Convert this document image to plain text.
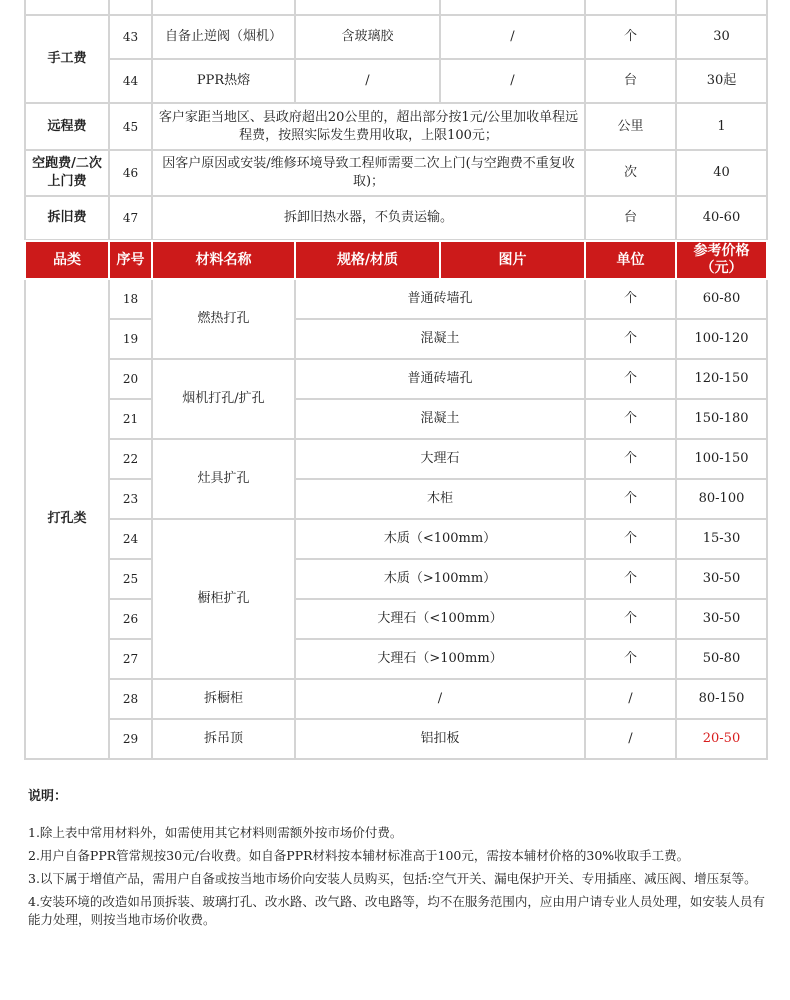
手工费	43	自备止逆阀（烟机）	含玻璃胶	/	个	30
	44	PPR热熔	/	/	台	30起
远程费	45	客户家距当地区、县政府超出20公里的，超出部分按1元/公里加收单程远程费，按照实际发生费用收取，上限100元；			公里	1
空跑费/二次上门费	46	因客户原因或安装/维修环境导致工程师需要二次上门(与空跑费不重复收取)；			次	40
拆旧费	47	拆卸旧热水器，不负责运输。			台	40-60
品类	序号	材料名称	规格/材质	图片	单位	参考价格（元）
打孔类	18	燃热打孔	普通砖墙孔		个	60-80
	19		混凝土		个	100-120
	20	烟机打孔/扩孔	普通砖墙孔		个	120-150
	21		混凝土		个	150-180
	22	灶具扩孔	大理石		个	100-150
	23		木柜		个	80-100
	24	橱柜扩孔	木质（<100mm）		个	15-30
	25		木质（>100mm）		个	30-50
	26		大理石（<100mm）		个	30-50
	27		大理石（>100mm）		个	50-80
	28	拆橱柜	/		/	80-150
	29	拆吊顶	铝扣板		/	20-50
说明：

1.除上表中常用材料外，如需使用其它材料则需额外按市场价付费。

2.用户自备PPR管常规按30元/台收费。如自备PPR材料按本辅材标准高于100元，需按本辅材价格的30%收取手工费。

3.以下属于增值产品，需用户自备或按当地市场价向安装人员购买，包括:空气开关、漏电保护开关、专用插座、减压阀、增压泵等。

4.安装环境的改造如吊顶拆装、玻璃打孔、改水路、改气路、改电路等，均不在服务范围内，应由用户请专业人员处理，如安装人员有能力处理，则按当地市场价收费。
